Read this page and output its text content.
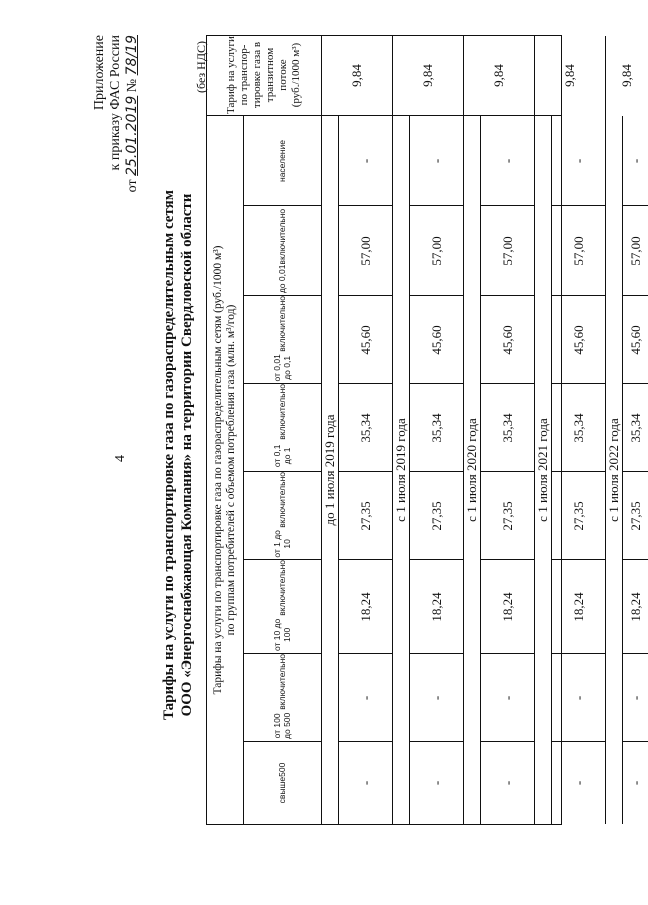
4
Приложение к приказу ФАС России
от 25.01.2019 № 78/19
Тарифы на услуги по транспортировке газа по газораспределительным сетям ООО «Энергоснабжающая Компания» на территории Свердловской области
(без НДС)
Тарифы на услуги по транспортировке газа по газораспределительным сетям (руб./1000 м³) по группам потребителей с объемом потребления газа (млн. м³/год)
Тариф на услуги по транспор- тировке газа в транзитном потоке (руб./1000 м³)
свыше
500
от 100 до 500
включительно
от 10 до 100
включительно
от 1 до 10
включительно
от 0,1 до 1
включительно
от 0,01 до 0,1
включительно
до 0,01
включительно
население
до 1 июля 2019 года
-
-
18,24
27,35
35,34
45,60
57,00
-
9,84
с 1 июля 2019 года
-
-
18,24
27,35
35,34
45,60
57,00
-
9,84
с 1 июля 2020 года
-
-
18,24
27,35
35,34
45,60
57,00
-
9,84
с 1 июля 2021 года
-
-
18,24
27,35
35,34
45,60
57,00
-
9,84
с 1 июля 2022 года
-
-
18,24
27,35
35,34
45,60
57,00
-
9,84
